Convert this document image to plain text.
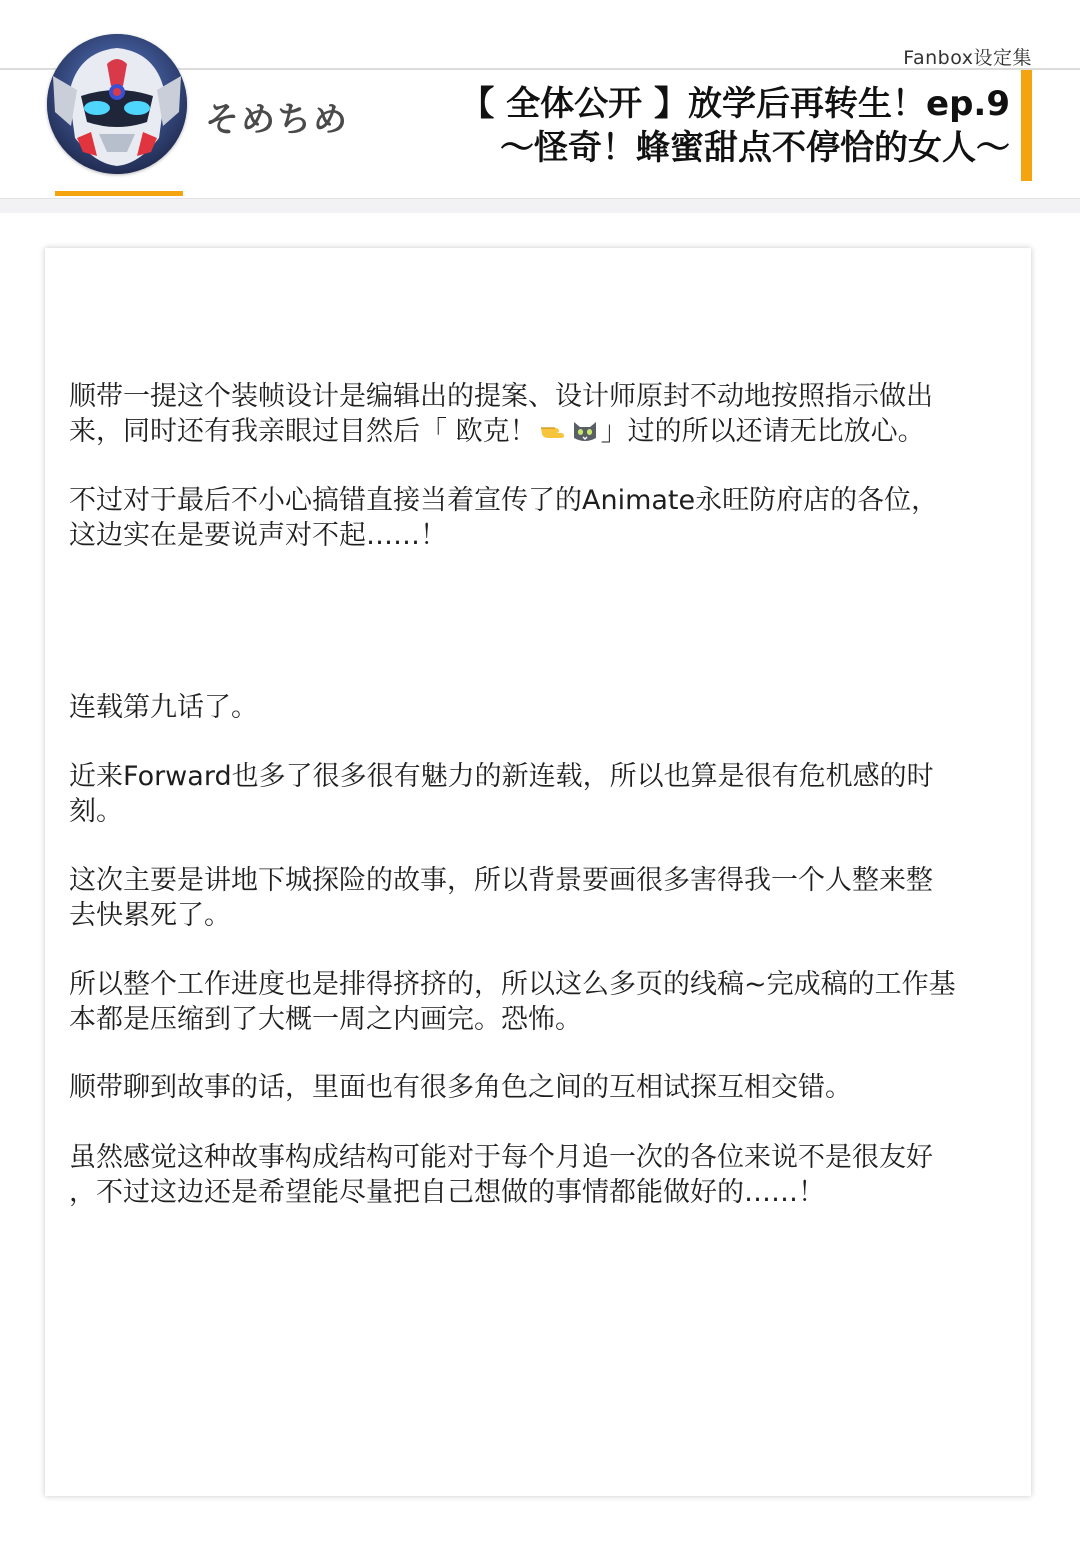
Fanbox设定集
そめちめ	【 全体公开 】放学后再转生！ep.9
～怪奇！蜂蜜甜点不停恰的女人～
顺带一提这个装帧设计是编辑出的提案、设计师原封不动地按照指示做出
来，同时还有我亲眼过目然后「 欧克！ 」过的所以还请无比放心。
不过对于最后不小心搞错直接当着宣传了的Animate永旺防府店的各位，
这边实在是要说声对不起……！
连载第九话了。
近来Forward也多了很多很有魅力的新连载，所以也算是很有危机感的时
刻。
这次主要是讲地下城探险的故事，所以背景要画很多害得我一个人整来整
去快累死了。
所以整个工作进度也是排得挤挤的，所以这么多页的线稿~完成稿的工作基
本都是压缩到了大概一周之内画完。恐怖。
顺带聊到故事的话，里面也有很多角色之间的互相试探互相交错。
虽然感觉这种故事构成结构可能对于每个月追一次的各位来说不是很友好
，不过这边还是希望能尽量把自己想做的事情都能做好的……！
